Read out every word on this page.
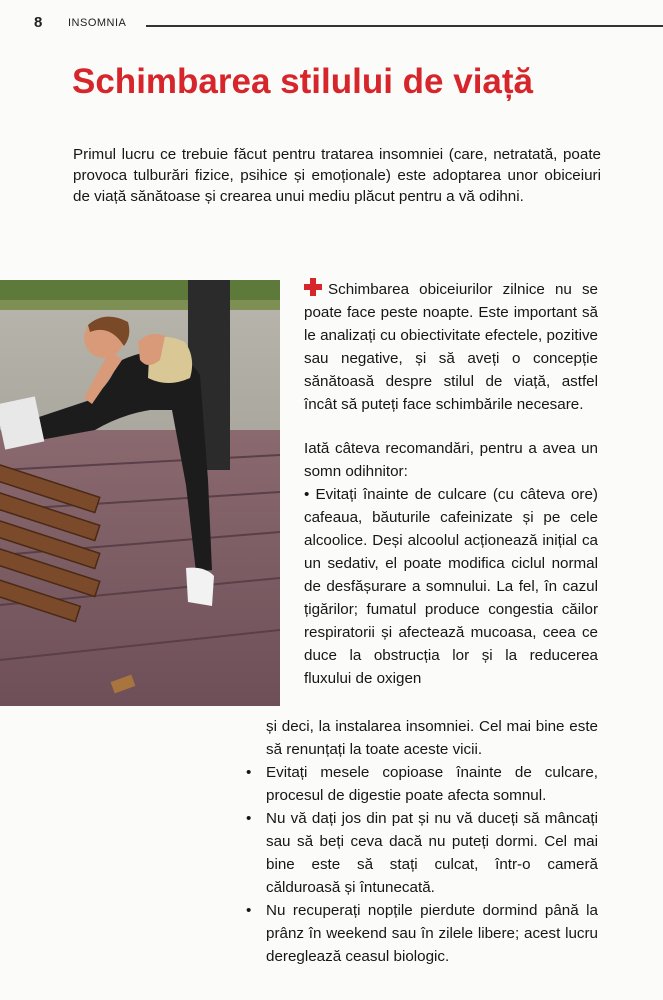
8 INSOMNIA
Schimbarea stilului de viață

Primul lucru ce trebuie făcut pentru tratarea insomniei (care, netratată, poate provoca tulburări fizice, psihice și emoționale) este adoptarea unor obiceiuri de viață sănătoase și crearea unui mediu plăcut pentru a vă odihni.

Schimbarea obiceiurilor zilnice nu se poate face peste noapte. Este important să le analizați cu obiectivitate efectele, pozitive sau negative, și să aveți o concepție sănătoasă despre stilul de viață, astfel încât să puteți face schimbările necesare.

Iată câteva recomandări, pentru a avea un somn odihnitor:

• Evitați înainte de culcare (cu câteva ore) cafeaua, băuturile cafeinizate și pe cele alcoolice. Deși alcoolul acționează inițial ca un sedativ, el poate modifica ciclul normal de desfășurare a somnului. La fel, în cazul țigărilor; fumatul produce congestia căilor respiratorii și afectează mucoasa, ceea ce duce la obstrucția lor și la reducerea fluxului de oxigen

și deci, la instalarea insomniei. Cel mai bine este să renunțați la toate aceste vicii.

• Evitați mesele copioase înainte de culcare, procesul de digestie poate afecta somnul.
• Nu vă dați jos din pat și nu vă duceți să mâncați sau să beți ceva dacă nu puteți dormi. Cel mai bine este să stați culcat, într-o cameră călduroasă și întunecată.
• Nu recuperați nopțile pierdute dormind până la prânz în weekend sau în zilele libere; acest lucru dereglează ceasul biologic.
